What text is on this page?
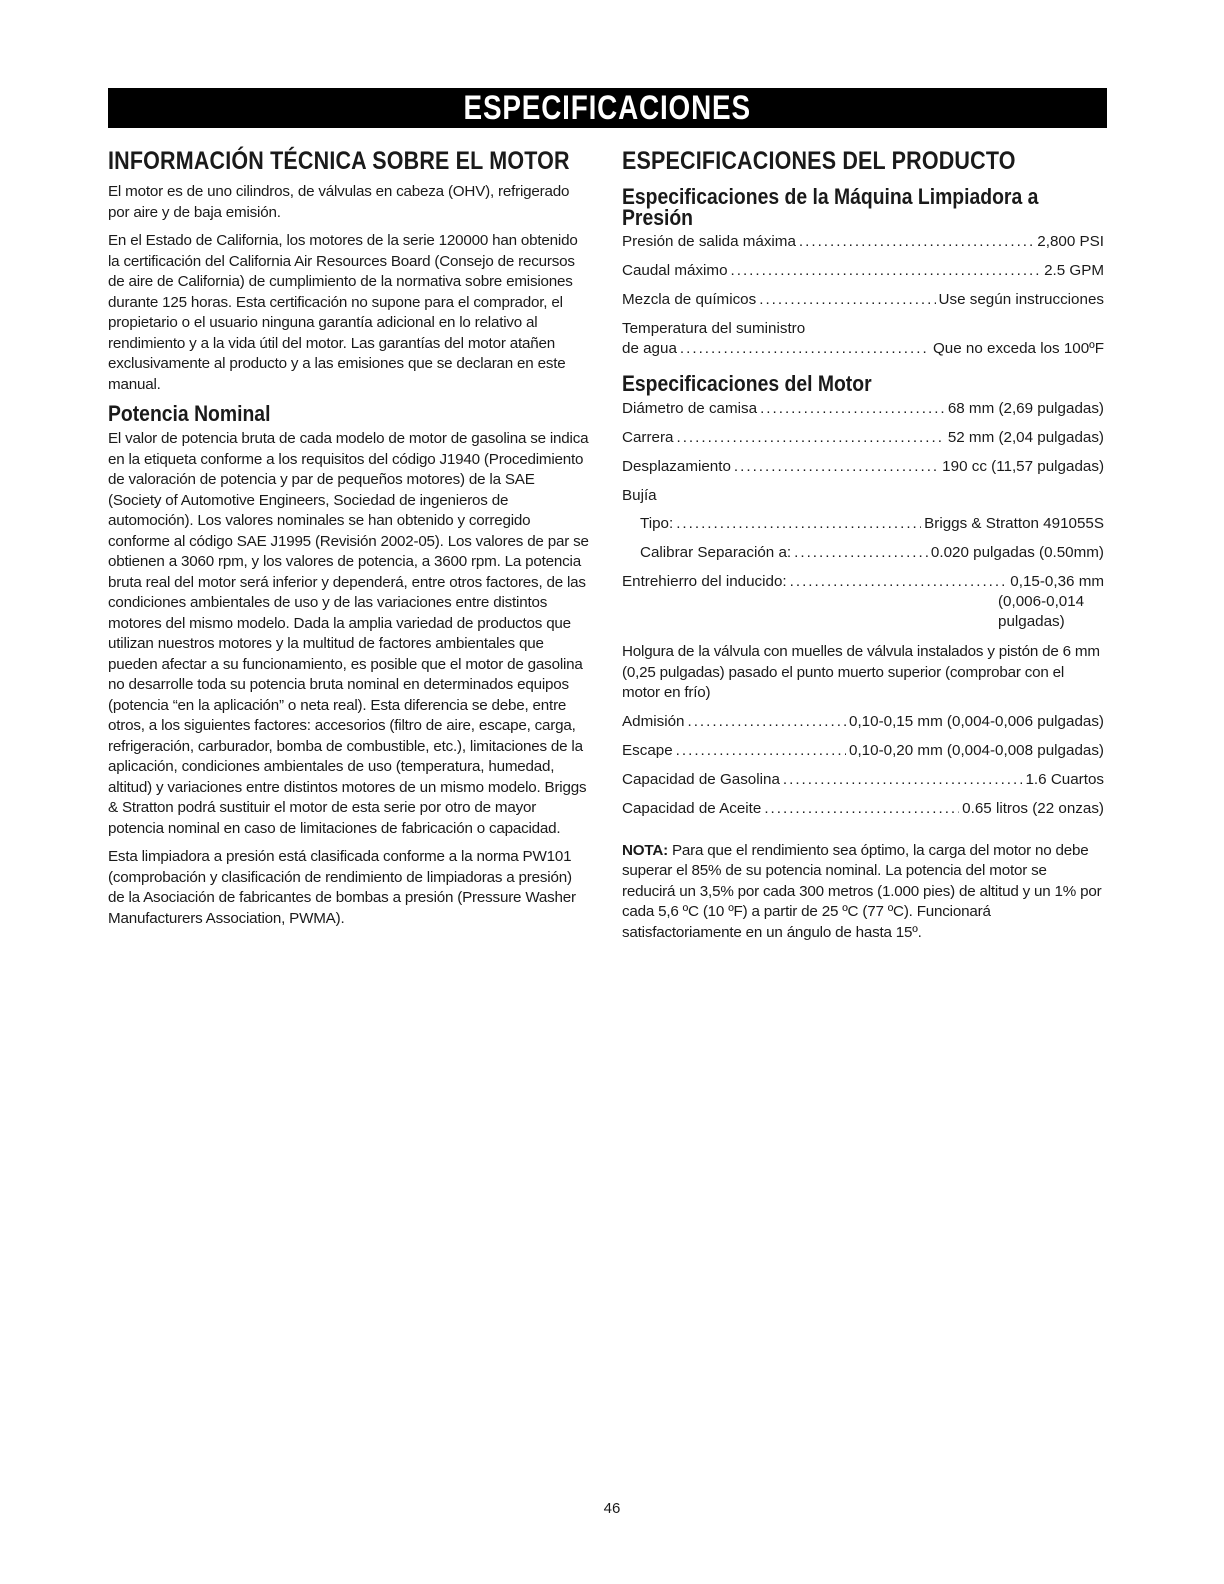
ESPECIFICACIONES
INFORMACIÓN TÉCNICA SOBRE EL MOTOR

El motor es de uno cilindros, de válvulas en cabeza (OHV), refrigerado por aire y de baja emisión.

En el Estado de California, los motores de la serie 120000 han obtenido la certificación del California Air Resources Board (Consejo de recursos de aire de California) de cumplimiento de la normativa sobre emisiones durante 125 horas. Esta certificación no supone para el comprador, el propietario o el usuario ninguna garantía adicional en lo relativo al rendimiento y a la vida útil del motor. Las garantías del motor atañen exclusivamente al producto y a las emisiones que se declaran en este manual.

Potencia Nominal

El valor de potencia bruta de cada modelo de motor de gasolina se indica en la etiqueta conforme a los requisitos del código J1940 (Procedimiento de valoración de potencia y par de pequeños motores) de la SAE (Society of Automotive Engineers, Sociedad de ingenieros de automoción). Los valores nominales se han obtenido y corregido conforme al código SAE J1995 (Revisión 2002-05). Los valores de par se obtienen a 3060 rpm, y los valores de potencia, a 3600 rpm. La potencia bruta real del motor será inferior y dependerá, entre otros factores, de las condiciones ambientales de uso y de las variaciones entre distintos motores del mismo modelo. Dada la amplia variedad de productos que utilizan nuestros motores y la multitud de factores ambientales que pueden afectar a su funcionamiento, es posible que el motor de gasolina no desarrolle toda su potencia bruta nominal en determinados equipos (potencia “en la aplicación” o neta real). Esta diferencia se debe, entre otros, a los siguientes factores: accesorios (filtro de aire, escape, carga, refrigeración, carburador, bomba de combustible, etc.), limitaciones de la aplicación, condiciones ambientales de uso (temperatura, humedad, altitud) y variaciones entre distintos motores de un mismo modelo. Briggs & Stratton podrá sustituir el motor de esta serie por otro de mayor potencia nominal en caso de limitaciones de fabricación o capacidad.

Esta limpiadora a presión está clasificada conforme a la norma PW101 (comprobación y clasificación de rendimiento de limpiadoras a presión) de la Asociación de fabricantes de bombas a presión (Pressure Washer Manufacturers Association, PWMA).

ESPECIFICACIONES DEL PRODUCTO
Especificaciones de la Máquina Limpiadora a Presión
Presión de salida máxima .....	2,800 PSI
Caudal máximo .....	2.5 GPM
Mezcla de químicos .....	Use según instrucciones
Temperatura del suministro
de agua .....	Que no exceda los 100ºF
Especificaciones del Motor
Diámetro de camisa .....	68 mm (2,69 pulgadas)
Carrera .....	52 mm (2,04 pulgadas)
Desplazamiento .....	190 cc (11,57 pulgadas)
Bujía
Tipo: .....	Briggs & Stratton 491055S
Calibrar Separación a: .....	0.020 pulgadas (0.50mm)
Entrehierro del inducido: .....	0,15-0,36 mm
(0,006-0,014
pulgadas)

Holgura de la válvula con muelles de válvula instalados y pistón de 6 mm (0,25 pulgadas) pasado el punto muerto superior (comprobar con el motor en frío)

Admisión .....	0,10-0,15 mm (0,004-0,006 pulgadas)
Escape .....	0,10-0,20 mm (0,004-0,008 pulgadas)
Capacidad de Gasolina .....	1.6 Cuartos
Capacidad de Aceite .....	0.65 litros (22 onzas)

NOTA: Para que el rendimiento sea óptimo, la carga del motor no debe superar el 85% de su potencia nominal. La potencia del motor se reducirá un 3,5% por cada 300 metros (1.000 pies) de altitud y un 1% por cada 5,6 ºC (10 ºF) a partir de 25 ºC (77 ºC). Funcionará satisfactoriamente en un ángulo de hasta 15º.

46
